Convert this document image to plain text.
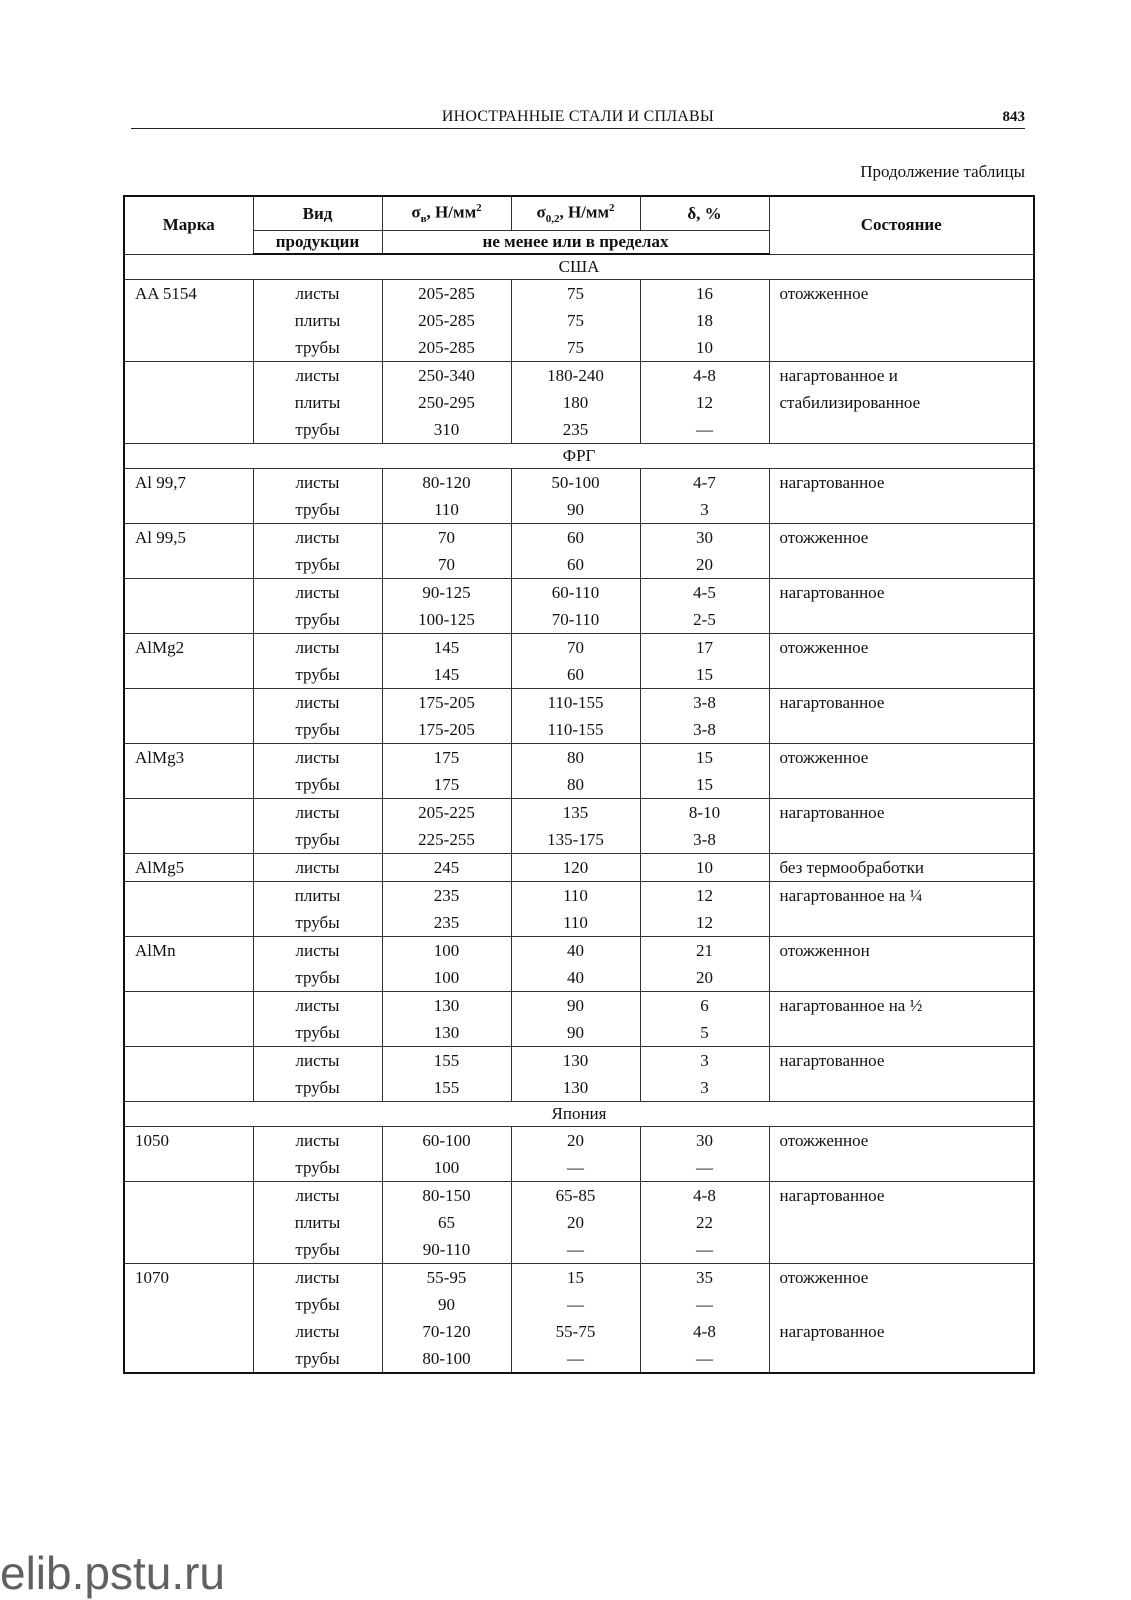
ИНОСТРАННЫЕ СТАЛИ И СПЛАВЫ	843
Продолжение таблицы
Марка	Вид	$\sigma_в$, $Н/мм^2$	$\sigma_{0,2}$, $Н/мм^2$	δ, %	Состояние
	продукции	не менее или в пределах			
США					
AA 5154	листы	205-285	75	16	отожженное
	плиты	205-285	75	18	
	трубы	205-285	75	10	
	листы	250-340	180-240	4-8	нагартованное и
	плиты	250-295	180	12	стабилизированное
	трубы	310	235	—	
ФРГ					
Al 99,7	листы	80-120	50-100	4-7	нагартованное
	трубы	110	90	3	
Al 99,5	листы	70	60	30	отожженное
	трубы	70	60	20	
	листы	90-125	60-110	4-5	нагартованное
	трубы	100-125	70-110	2-5	
AlMg2	листы	145	70	17	отожженное
	трубы	145	60	15	
	листы	175-205	110-155	3-8	нагартованное
	трубы	175-205	110-155	3-8	
AlMg3	листы	175	80	15	отожженное
	трубы	175	80	15	
	листы	205-225	135	8-10	нагартованное
	трубы	225-255	135-175	3-8	
AlMg5	листы	245	120	10	без термообработки
	плиты	235	110	12	нагартованное на ¼
	трубы	235	110	12	
AlMn	листы	100	40	21	отожженнон
	трубы	100	40	20	
	листы	130	90	6	нагартованное на ½
	трубы	130	90	5	
	листы	155	130	3	нагартованное
	трубы	155	130	3	
Япония					
1050	листы	60-100	20	30	отожженное
	трубы	100	—	—	
	листы	80-150	65-85	4-8	нагартованное
	плиты	65	20	22	
	трубы	90-110	—	—	
1070	листы	55-95	15	35	отожженное
	трубы	90	—	—	
	листы	70-120	55-75	4-8	нагартованное
	трубы	80-100	—	—	
elib.pstu.ru
